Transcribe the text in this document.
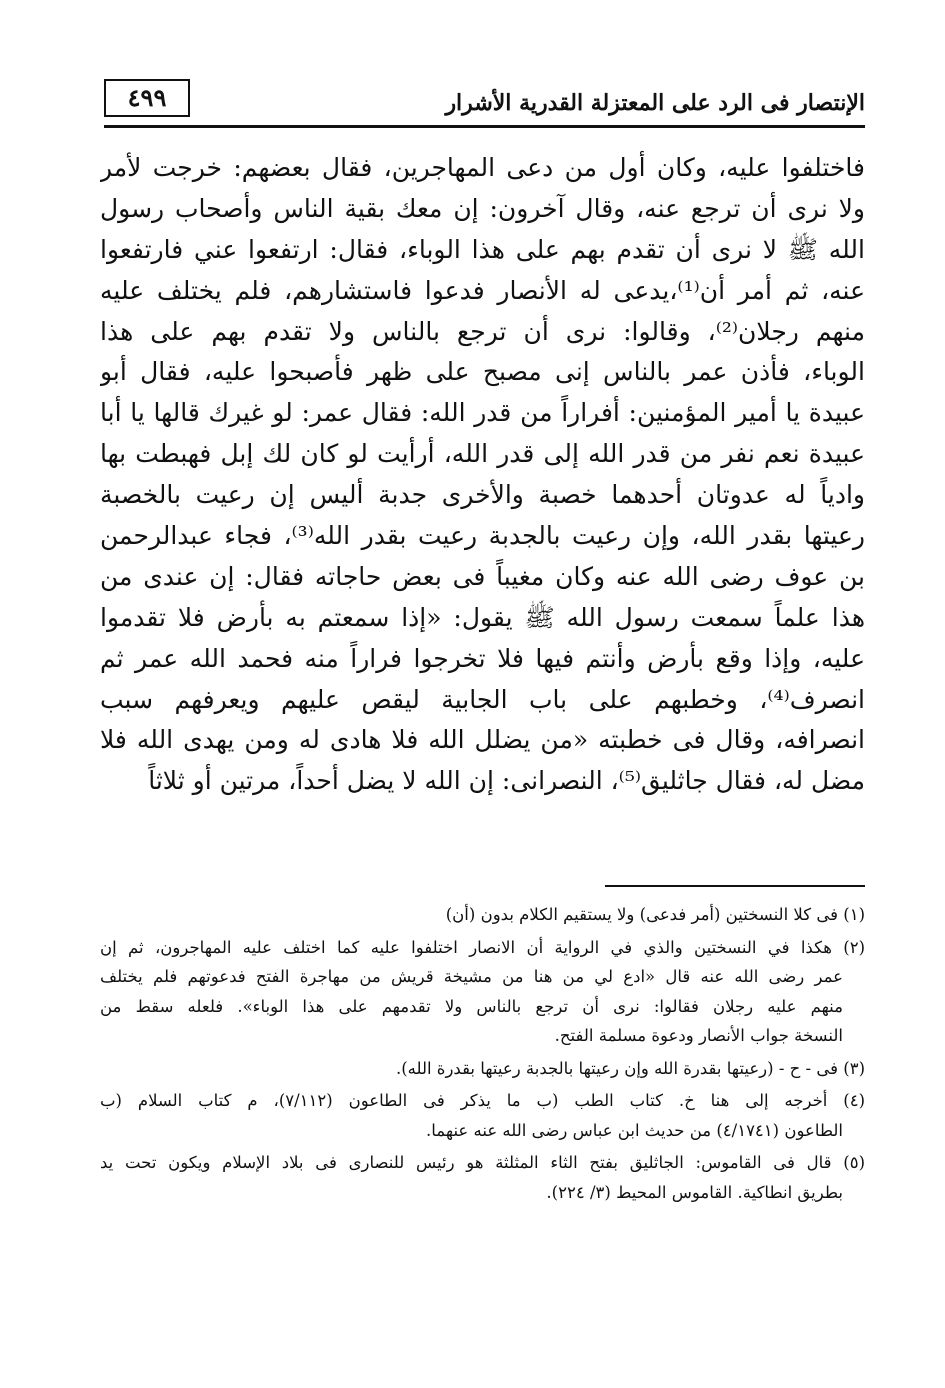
٤٩٩	الإنتصار فى الرد على المعتزلة القدرية الأشرار
فاختلفوا عليه، وكان أول من دعى المهاجرين، فقال بعضهم: خرجت لأمر
ولا نرى أن ترجع عنه، وقال آخرون: إن معك بقية الناس وأصحاب رسول
الله ﷺ لا نرى أن تقدم بهم على هذا الوباء، فقال: ارتفعوا عني فارتفعوا
عنه، ثم أمر أن⁽¹⁾،يدعى له الأنصار فدعوا فاستشارهم، فلم يختلف عليه
منهم رجلان⁽²⁾، وقالوا: نرى أن ترجع بالناس ولا تقدم بهم على هذا
الوباء، فأذن عمر بالناس إنى مصبح على ظهر فأصبحوا عليه، فقال أبو
عبيدة يا أمير المؤمنين: أفراراً من قدر الله: فقال عمر: لو غيرك قالها يا أبا
عبيدة نعم نفر من قدر الله إلى قدر الله، أرأيت لو كان لك إبل فهبطت بها
وادياً له عدوتان أحدهما خصبة والأخرى جدبة أليس إن رعيت بالخصبة
رعيتها بقدر الله، وإن رعيت بالجدبة رعيت بقدر الله⁽³⁾، فجاء عبدالرحمن
بن عوف رضى الله عنه وكان مغيباً فى بعض حاجاته فقال: إن عندى من
هذا علماً سمعت رسول الله ﷺ يقول: «إذا سمعتم به بأرض فلا تقدموا
عليه، وإذا وقع بأرض وأنتم فيها فلا تخرجوا فراراً منه فحمد الله عمر ثم
انصرف⁽⁴⁾، وخطبهم على باب الجابية ليقص عليهم ويعرفهم سبب
انصرافه، وقال فى خطبته «من يضلل الله فلا هادى له ومن يهدى الله فلا
مضل له، فقال جاثليق⁽⁵⁾، النصرانى: إن الله لا يضل أحداً، مرتين أو ثلاثاً
(١) فى كلا النسختين (أمر فدعى) ولا يستقيم الكلام بدون (أن)
(٢) هكذا في النسختين والذي في الرواية أن الانصار اختلفوا عليه كما اختلف عليه المهاجرون، ثم إن
عمر رضى الله عنه قال «ادع لي من هنا من مشيخة قريش من مهاجرة الفتح فدعوتهم فلم يختلف
منهم عليه رجلان فقالوا: نرى أن ترجع بالناس ولا تقدمهم على هذا الوباء». فلعله سقط من
النسخة جواب الأنصار ودعوة مسلمة الفتح.
(٣) فى - ح - (رعيتها بقدرة الله وإن رعيتها بالجدبة رعيتها بقدرة الله).
(٤) أخرجه إلى هنا خ. كتاب الطب (ب ما يذكر فى الطاعون (٧/١١٢)، م كتاب السلام (ب
الطاعون (٤/١٧٤١) من حديث ابن عباس رضى الله عنه عنهما.
(٥) قال فى القاموس: الجاثليق بفتح الثاء المثلثة هو رئيس للنصارى فى بلاد الإسلام ويكون تحت يد
بطريق انطاكية. القاموس المحيط (٣/ ٢٢٤).
